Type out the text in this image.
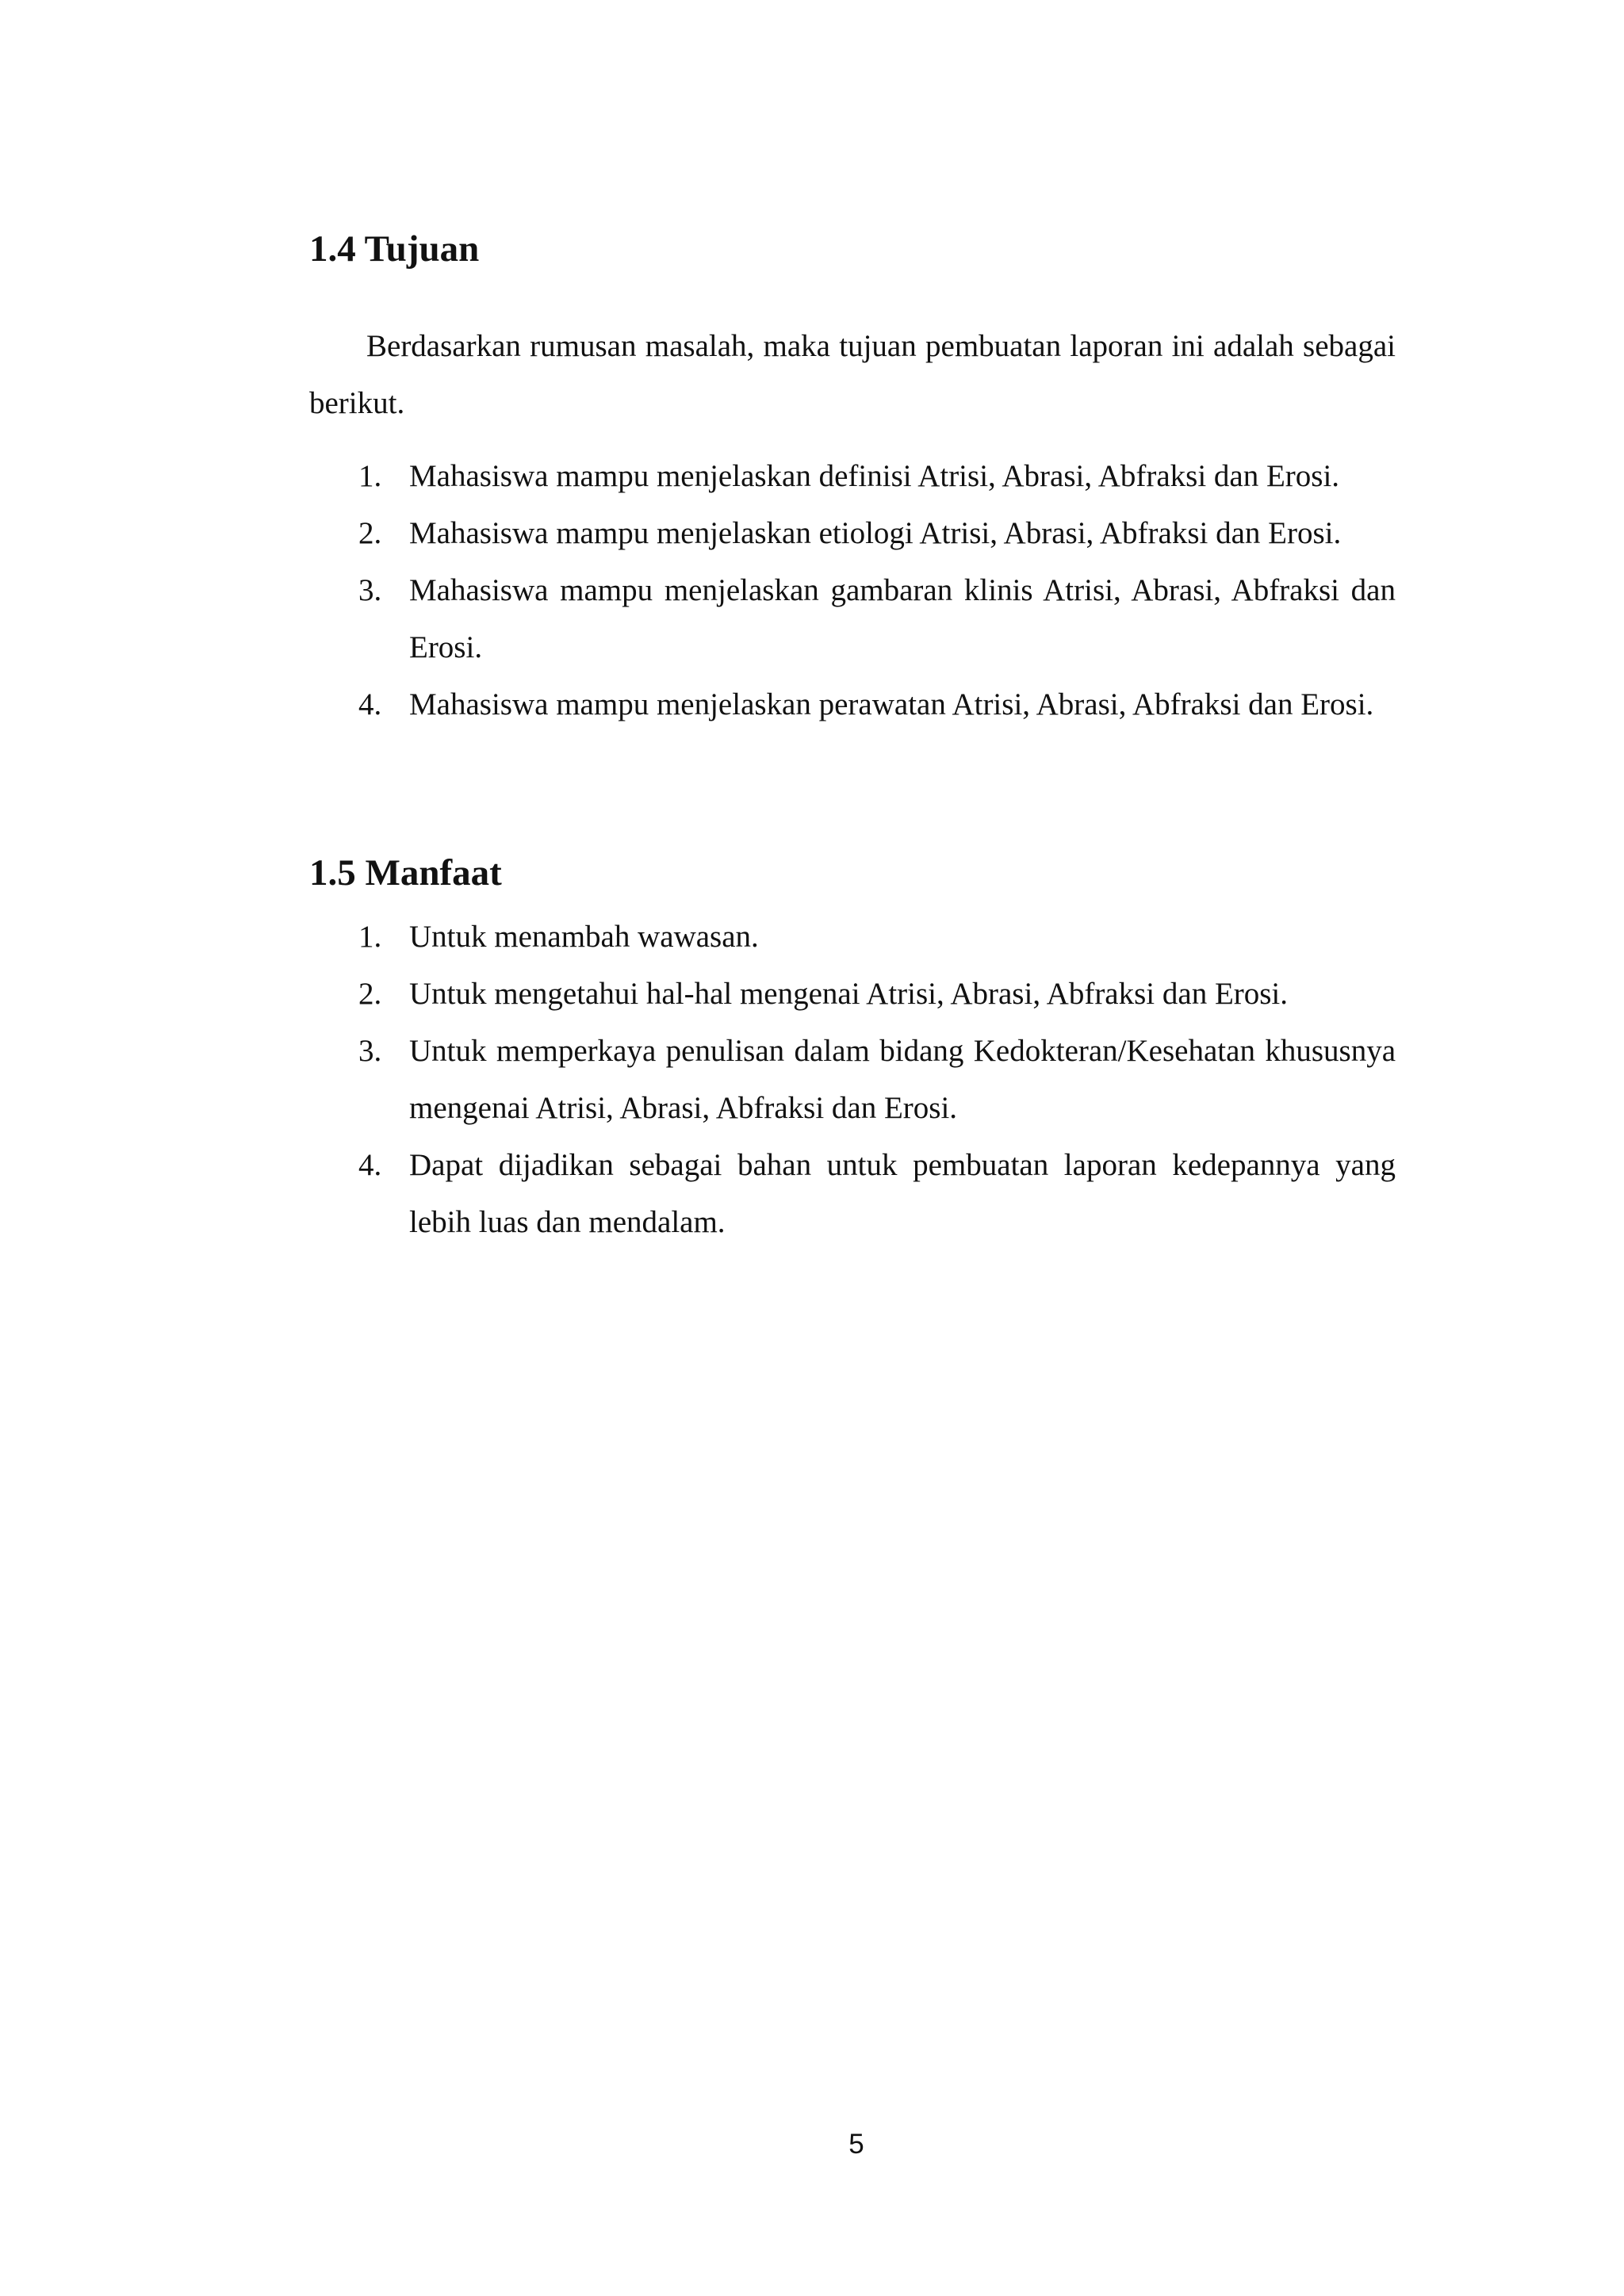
1.4 Tujuan

Berdasarkan rumusan masalah, maka tujuan pembuatan laporan ini adalah sebagai berikut.

1. Mahasiswa mampu menjelaskan definisi Atrisi, Abrasi, Abfraksi dan Erosi.
2. Mahasiswa mampu menjelaskan etiologi Atrisi, Abrasi, Abfraksi dan Erosi.
3. Mahasiswa mampu menjelaskan gambaran klinis Atrisi, Abrasi, Abfraksi dan Erosi.
4. Mahasiswa mampu menjelaskan perawatan Atrisi, Abrasi, Abfraksi dan Erosi.
1.5 Manfaat
1. Untuk menambah wawasan.
2. Untuk mengetahui hal-hal mengenai Atrisi, Abrasi, Abfraksi dan Erosi.
3. Untuk memperkaya penulisan dalam bidang Kedokteran/Kesehatan khususnya mengenai Atrisi, Abrasi, Abfraksi dan Erosi.
4. Dapat dijadikan sebagai bahan untuk pembuatan laporan kedepannya yang lebih luas dan mendalam.
5
